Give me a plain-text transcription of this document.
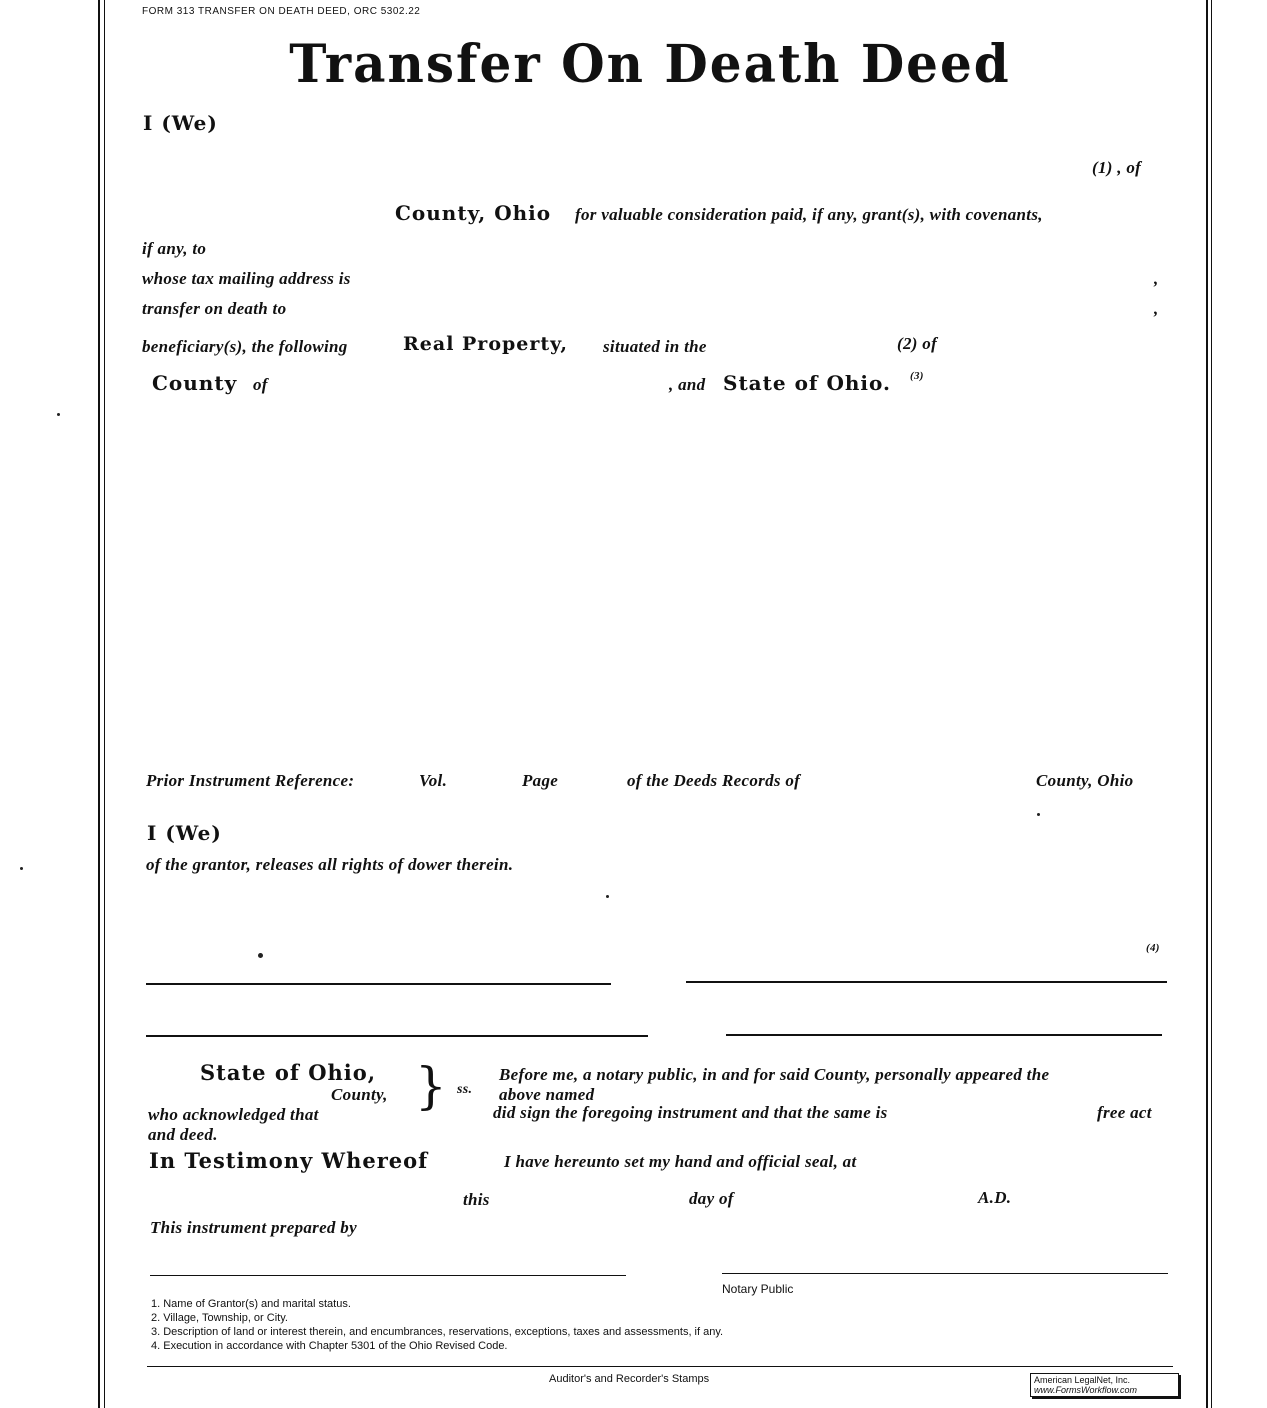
FORM 313 TRANSFER ON DEATH DEED, ORC 5302.22
Transfer On Death Deed
I (We)
(1) , of
County, Ohio for valuable consideration paid, if any, grant(s), with covenants,
if any, to
whose tax mailing address is	,
transfer on death to	,
beneficiary(s), the following	Real Property, situated in the	(2) of
County of	, and State of Ohio. (3)
Prior Instrument Reference:	Vol.	Page	of the Deeds Records of	County, Ohio
I (We)
of the grantor, releases all rights of dower therein.
(4)
State of Ohio,
County, } ss.
Before me, a notary public, in and for said County, personally appeared the
above named
who acknowledged that	did sign the foregoing instrument and that the same is	free act
and deed.
In Testimony Whereof	I have hereunto set my hand and official seal, at
this	day of	A.D.
This instrument prepared by
Notary Public
1. Name of Grantor(s) and marital status.
2. Village, Township, or City.
3. Description of land or interest therein, and encumbrances, reservations, exceptions, taxes and assessments, if any.
4. Execution in accordance with Chapter 5301 of the Ohio Revised Code.
Auditor's and Recorder's Stamps	American LegalNet, Inc.
www.FormsWorkflow.com
